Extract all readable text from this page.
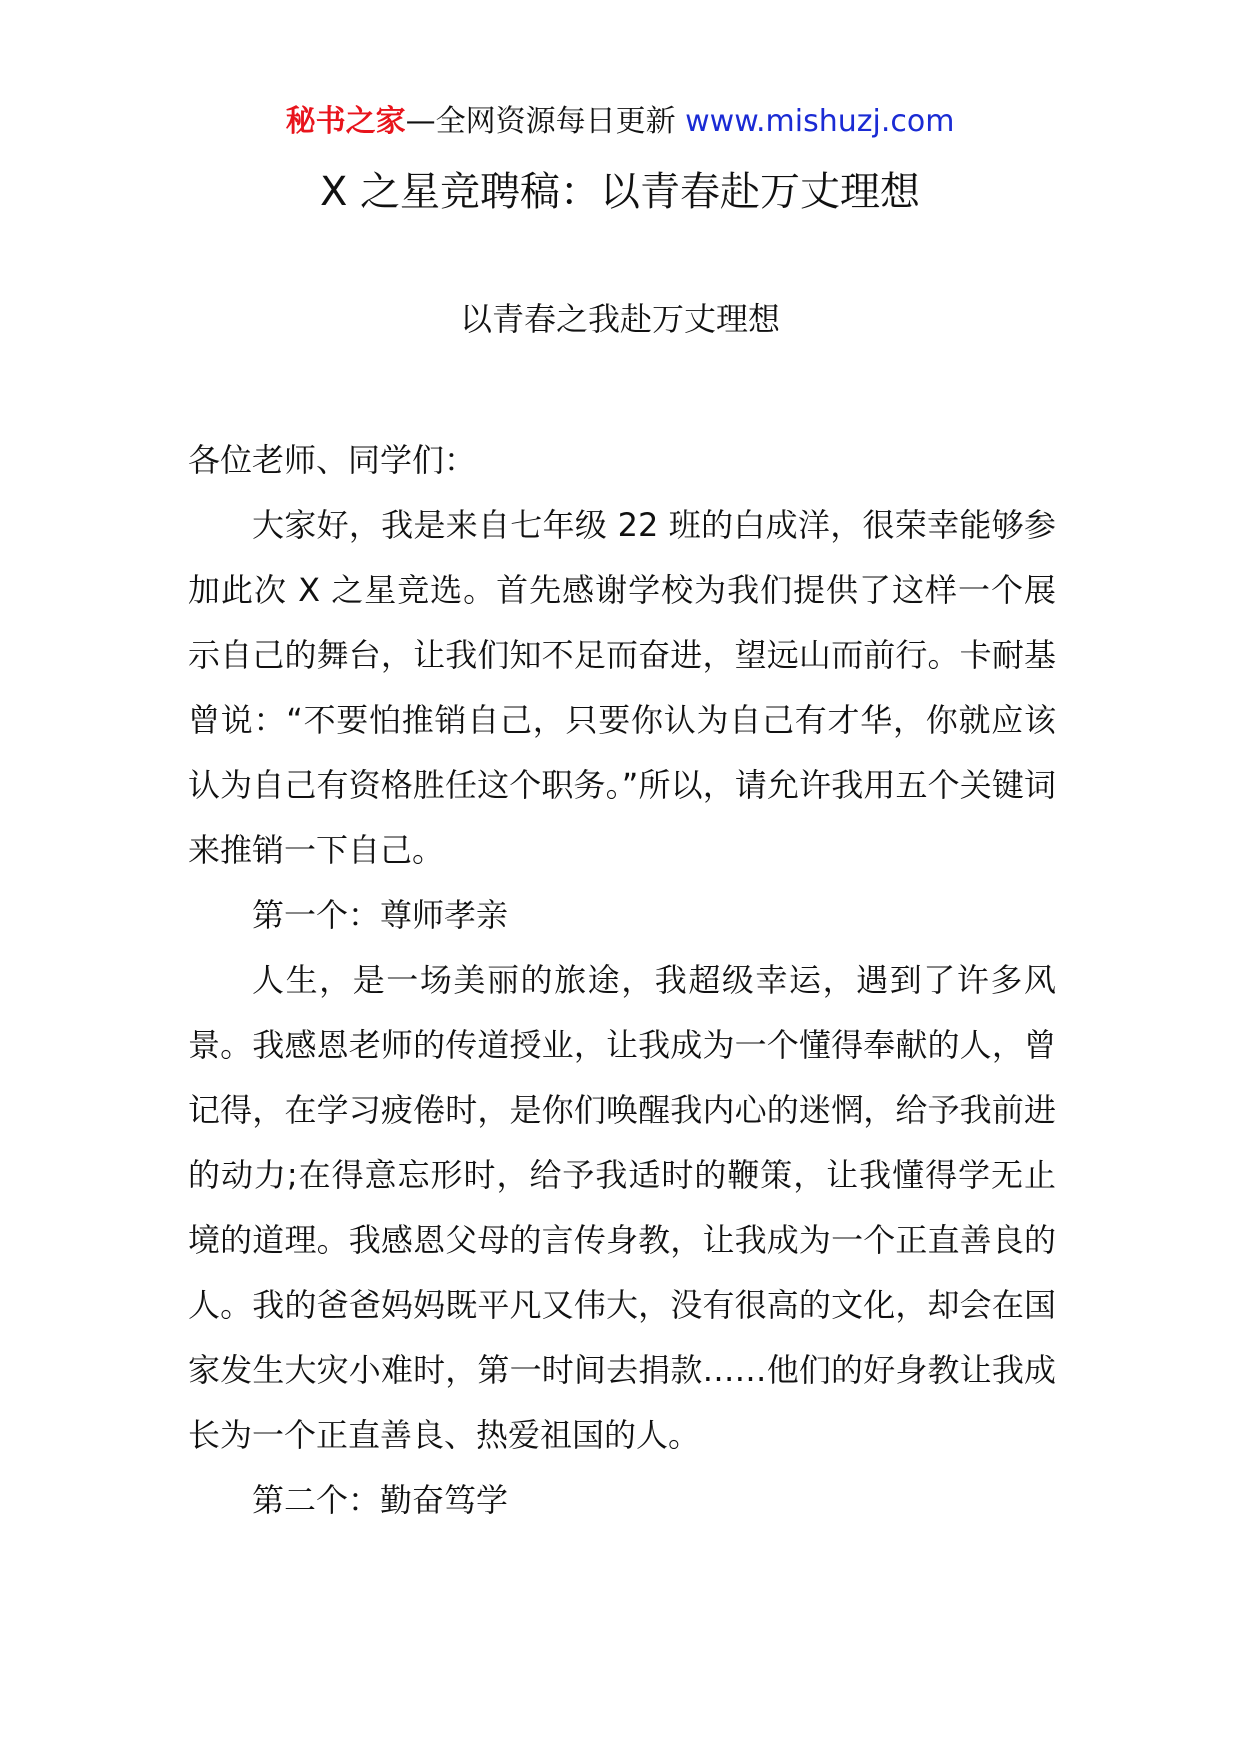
秘书之家—全网资源每日更新 www.mishuzj.com
X 之星竞聘稿：以青春赴万丈理想
以青春之我赴万丈理想

各位老师、同学们：

大家好，我是来自七年级 22 班的白成洋，很荣幸能够参加此次 X 之星竞选。首先感谢学校为我们提供了这样一个展示自己的舞台，让我们知不足而奋进，望远山而前行。卡耐基曾说：“不要怕推销自己，只要你认为自己有才华，你就应该认为自己有资格胜任这个职务。”所以，请允许我用五个关键词来推销一下自己。

第一个：尊师孝亲

人生，是一场美丽的旅途，我超级幸运，遇到了许多风景。我感恩老师的传道授业，让我成为一个懂得奉献的人，曾记得，在学习疲倦时，是你们唤醒我内心的迷惘，给予我前进的动力;在得意忘形时，给予我适时的鞭策，让我懂得学无止境的道理。我感恩父母的言传身教，让我成为一个正直善良的人。我的爸爸妈妈既平凡又伟大，没有很高的文化，却会在国家发生大灾小难时，第一时间去捐款……他们的好身教让我成长为一个正直善良、热爱祖国的人。

第二个：勤奋笃学
